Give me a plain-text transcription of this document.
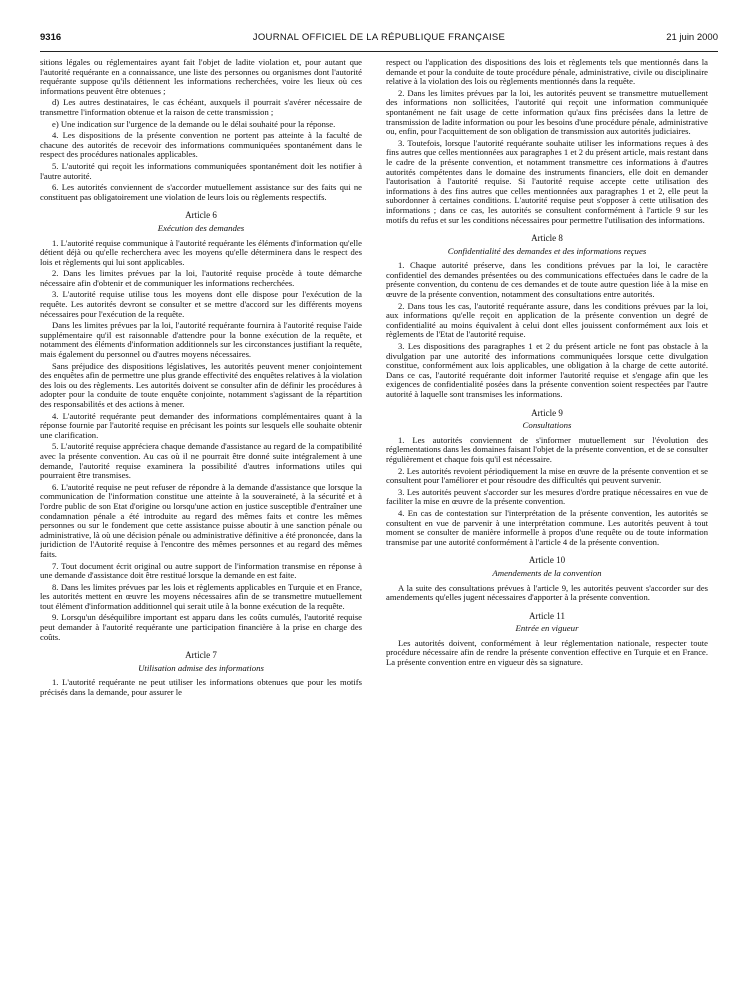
9316	JOURNAL OFFICIEL DE LA RÉPUBLIQUE FRANÇAISE	21 juin 2000

sitions légales ou réglementaires ayant fait l'objet de ladite violation et, pour autant que l'autorité requérante en a connaissance, une liste des personnes ou organismes dont l'autorité requérante suppose qu'ils détiennent les informations recherchées, voire les lieux où ces informations peuvent être obtenues ;

d) Les autres destinataires, le cas échéant, auxquels il pourrait s'avérer nécessaire de transmettre l'information obtenue et la raison de cette transmission ;

e) Une indication sur l'urgence de la demande ou le délai souhaité pour la réponse.

4. Les dispositions de la présente convention ne portent pas atteinte à la faculté de chacune des autorités de recevoir des informations communiquées spontanément dans le respect des procédures nationales applicables.

5. L'autorité qui reçoit les informations communiquées spontanément doit les notifier à l'autre autorité.

6. Les autorités conviennent de s'accorder mutuellement assistance sur des faits qui ne constituent pas obligatoirement une violation de leurs lois ou règlements respectifs.

Article 6
Exécution des demandes

1. L'autorité requise communique à l'autorité requérante les éléments d'information qu'elle détient déjà ou qu'elle recherchera avec les moyens qu'elle déterminera dans le respect des lois et règlements qui lui sont applicables.

2. Dans les limites prévues par la loi, l'autorité requise procède à toute démarche nécessaire afin d'obtenir et de communiquer les informations recherchées.

3. L'autorité requise utilise tous les moyens dont elle dispose pour l'exécution de la requête. Les autorités devront se consulter et se mettre d'accord sur les différents moyens nécessaires pour l'exécution de la requête.

Dans les limites prévues par la loi, l'autorité requérante fournira à l'autorité requise l'aide supplémentaire qu'il est raisonnable d'attendre pour la bonne exécution de la requête, et notamment des éléments d'information additionnels sur les circonstances justifiant la requête, mais également du personnel ou d'autres moyens nécessaires.

Sans préjudice des dispositions législatives, les autorités peuvent mener conjointement des enquêtes afin de permettre une plus grande effectivité des enquêtes relatives à la violation des lois ou des règlements. Les autorités doivent se consulter afin de définir les procédures à adopter pour la conduite de toute enquête conjointe, notamment s'agissant de la répartition des responsabilités et des actions à mener.

4. L'autorité requérante peut demander des informations complémentaires quant à la réponse fournie par l'autorité requise en précisant les points sur lesquels elle souhaite obtenir une clarification.

5. L'autorité requise appréciera chaque demande d'assistance au regard de la compatibilité avec la présente convention. Au cas où il ne pourrait être donné suite intégralement à une demande, l'autorité requise examinera la possibilité d'autres informations utiles qui pourraient être transmises.

6. L'autorité requise ne peut refuser de répondre à la demande d'assistance que lorsque la communication de l'information constitue une atteinte à la souveraineté, à la sécurité et à l'ordre public de son Etat d'origine ou lorsqu'une action en justice susceptible d'entraîner une condamnation pénale a été introduite au regard des mêmes faits et contre les mêmes personnes ou sur le fondement que cette assistance puisse aboutir à une sanction pénale ou administrative, là où une décision pénale ou administrative définitive a été prononcée, dans la juridiction de l'Autorité requise à l'encontre des mêmes personnes et au regard des mêmes faits.

7. Tout document écrit original ou autre support de l'information transmise en réponse à une demande d'assistance doit être restitué lorsque la demande en est faite.

8. Dans les limites prévues par les lois et règlements applicables en Turquie et en France, les autorités mettent en œuvre les moyens nécessaires afin de se transmettre mutuellement tout élément d'information additionnel qui serait utile à la bonne exécution de la requête.

9. Lorsqu'un déséquilibre important est apparu dans les coûts cumulés, l'autorité requise peut demander à l'autorité requérante une participation financière à la prise en charge des coûts.

Article 7
Utilisation admise des informations

1. L'autorité requérante ne peut utiliser les informations obtenues que pour les motifs précisés dans la demande, pour assurer le

respect ou l'application des dispositions des lois et règlements tels que mentionnés dans la demande et pour la conduite de toute procédure pénale, administrative, civile ou disciplinaire relative à la violation des lois ou règlements mentionnés dans la requête.

2. Dans les limites prévues par la loi, les autorités peuvent se transmettre mutuellement des informations non sollicitées, l'autorité qui reçoit une information communiquée spontanément ne fait usage de cette information qu'aux fins précisées dans la lettre de transmission de ladite information ou pour les besoins d'une procédure pénale, administrative ou, enfin, pour l'acquittement de son obligation de transmission aux autorités judiciaires.

3. Toutefois, lorsque l'autorité requérante souhaite utiliser les informations reçues à des fins autres que celles mentionnées aux paragraphes 1 et 2 du présent article, mais restant dans le cadre de la présente convention, et notamment transmettre ces informations à d'autres autorités compétentes dans le domaine des instruments financiers, elle doit en demander l'autorisation à l'autorité requise. Si l'autorité requise accepte cette utilisation des informations à des fins autres que celles mentionnées aux paragraphes 1 et 2, elle peut la subordonner à certaines conditions. L'autorité requise peut s'opposer à cette utilisation des informations ; dans ce cas, les autorités se consultent conformément à l'article 9 sur les motifs du refus et sur les conditions nécessaires pour permettre l'utilisation des informations.

Article 8
Confidentialité des demandes et des informations reçues

1. Chaque autorité préserve, dans les conditions prévues par la loi, le caractère confidentiel des demandes présentées ou des communications effectuées dans le cadre de la présente convention, du contenu de ces demandes et de toute autre question liée à la mise en œuvre de la présente convention, notamment des consultations entre autorités.

2. Dans tous les cas, l'autorité requérante assure, dans les conditions prévues par la loi, aux informations qu'elle reçoit en application de la présente convention un degré de confidentialité au moins équivalent à celui dont elles jouissent conformément aux lois et règlements de l'Etat de l'autorité requise.

3. Les dispositions des paragraphes 1 et 2 du présent article ne font pas obstacle à la divulgation par une autorité des informations communiquées lorsque cette divulgation constitue, conformément aux lois applicables, une obligation à la charge de cette autorité. Dans ce cas, l'autorité requérante doit informer l'autorité requise et s'engage afin que les exigences de confidentialité posées dans la présente convention soient respectées par l'autre autorité à laquelle sont transmises les informations.

Article 9
Consultations

1. Les autorités conviennent de s'informer mutuellement sur l'évolution des réglementations dans les domaines faisant l'objet de la présente convention, et de se consulter régulièrement et chaque fois qu'il est nécessaire.

2. Les autorités revoient périodiquement la mise en œuvre de la présente convention et se consultent pour l'améliorer et pour résoudre des difficultés qui peuvent survenir.

3. Les autorités peuvent s'accorder sur les mesures d'ordre pratique nécessaires en vue de faciliter la mise en œuvre de la présente convention.

4. En cas de contestation sur l'interprétation de la présente convention, les autorités se consultent en vue de parvenir à une interprétation commune. Les autorités peuvent à tout moment se consulter de manière informelle à propos d'une requête ou de toute information transmise par une autorité conformément à l'article 4 de la présente convention.

Article 10
Amendements de la convention

A la suite des consultations prévues à l'article 9, les autorités peuvent s'accorder sur des amendements qu'elles jugent nécessaires d'apporter à la présente convention.

Article 11
Entrée en vigueur

Les autorités doivent, conformément à leur réglementation nationale, respecter toute procédure nécessaire afin de rendre la présente convention effective en Turquie et en France. La présente convention entre en vigueur dès sa signature.
